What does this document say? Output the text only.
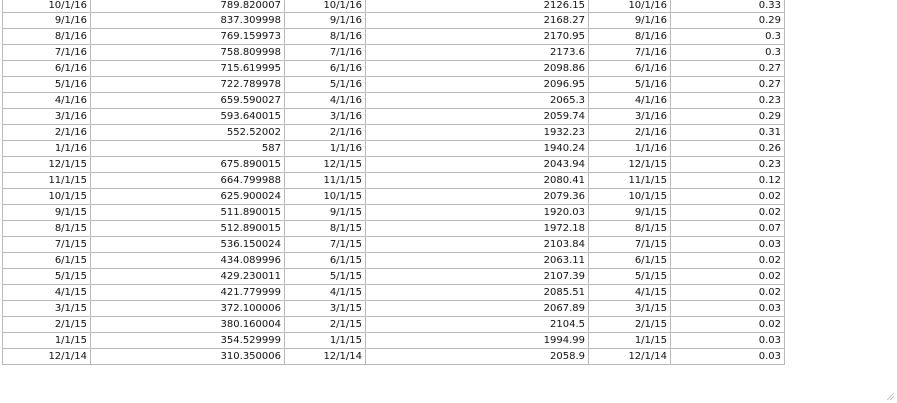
10/1/16	789.820007	10/1/16	2126.15	10/1/16	0.33
9/1/16	837.309998	9/1/16	2168.27	9/1/16	0.29
8/1/16	769.159973	8/1/16	2170.95	8/1/16	0.3
7/1/16	758.809998	7/1/16	2173.6	7/1/16	0.3
6/1/16	715.619995	6/1/16	2098.86	6/1/16	0.27
5/1/16	722.789978	5/1/16	2096.95	5/1/16	0.27
4/1/16	659.590027	4/1/16	2065.3	4/1/16	0.23
3/1/16	593.640015	3/1/16	2059.74	3/1/16	0.29
2/1/16	552.52002	2/1/16	1932.23	2/1/16	0.31
1/1/16	587	1/1/16	1940.24	1/1/16	0.26
12/1/15	675.890015	12/1/15	2043.94	12/1/15	0.23
11/1/15	664.799988	11/1/15	2080.41	11/1/15	0.12
10/1/15	625.900024	10/1/15	2079.36	10/1/15	0.02
9/1/15	511.890015	9/1/15	1920.03	9/1/15	0.02
8/1/15	512.890015	8/1/15	1972.18	8/1/15	0.07
7/1/15	536.150024	7/1/15	2103.84	7/1/15	0.03
6/1/15	434.089996	6/1/15	2063.11	6/1/15	0.02
5/1/15	429.230011	5/1/15	2107.39	5/1/15	0.02
4/1/15	421.779999	4/1/15	2085.51	4/1/15	0.02
3/1/15	372.100006	3/1/15	2067.89	3/1/15	0.03
2/1/15	380.160004	2/1/15	2104.5	2/1/15	0.02
1/1/15	354.529999	1/1/15	1994.99	1/1/15	0.03
12/1/14	310.350006	12/1/14	2058.9	12/1/14	0.03
